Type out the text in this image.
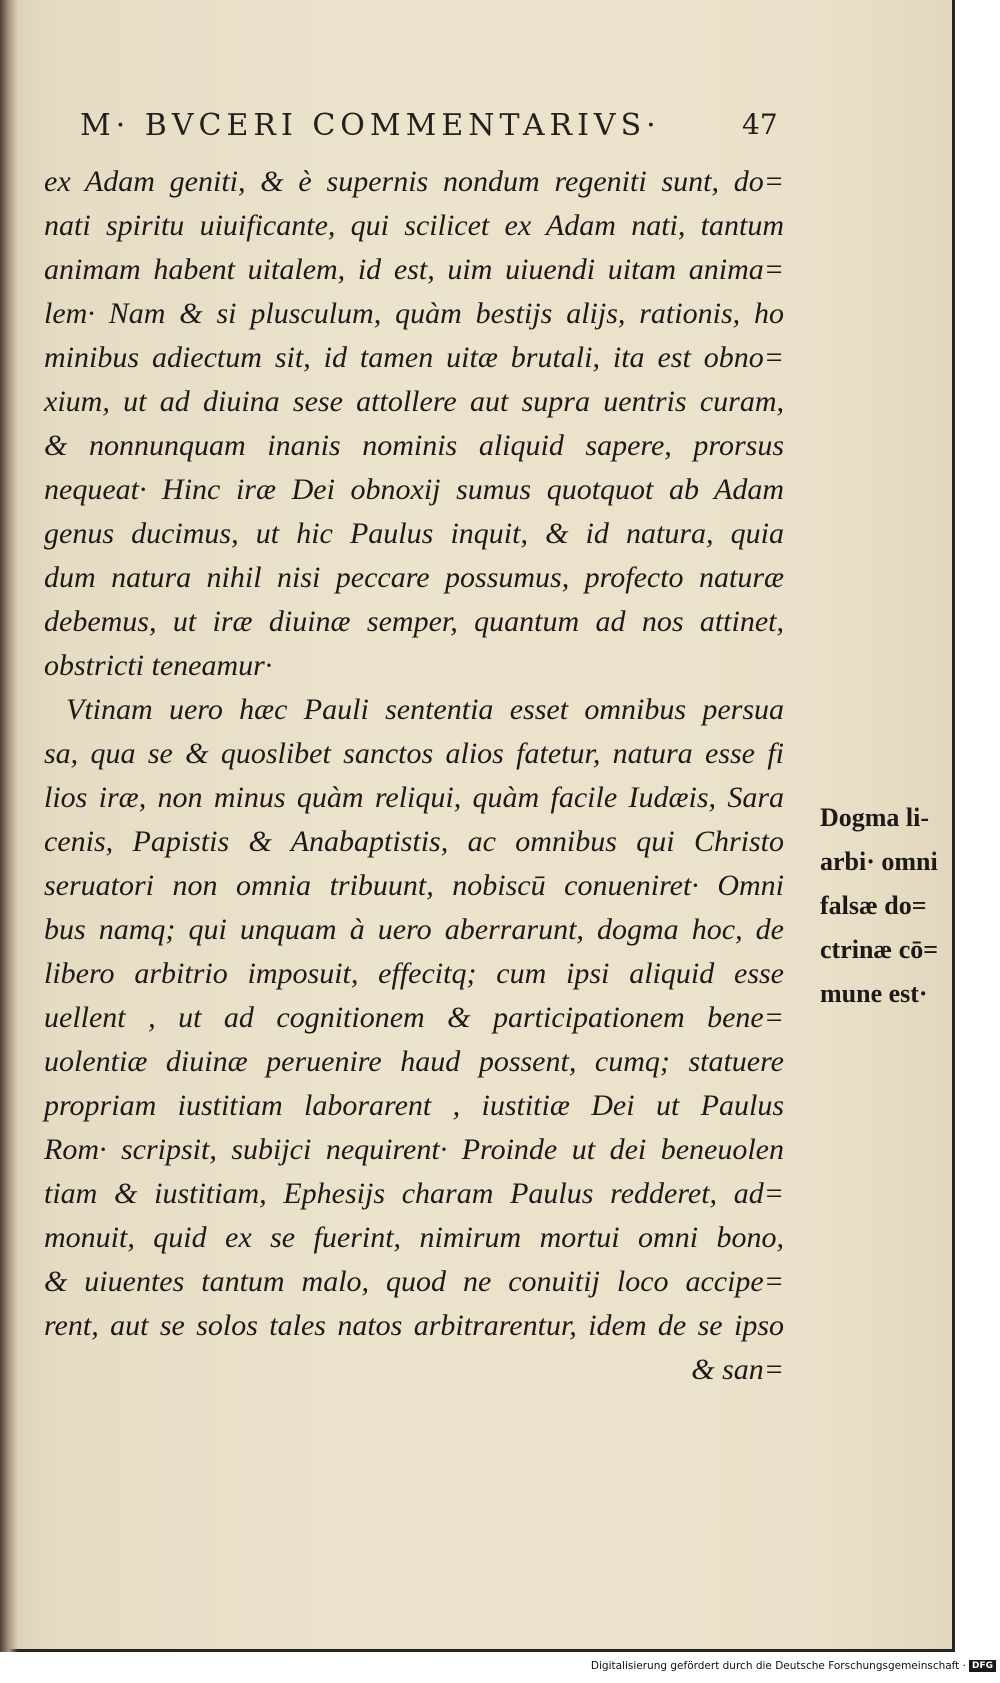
M· BVCERI COMMENTARIVS·	47
ex Adam geniti, & è supernis nondum regeniti sunt, do=
nati spiritu uiuificante, qui scilicet ex Adam nati, tantum
animam habent uitalem, id est, uim uiuendi uitam anima=
lem· Nam & si plusculum, quàm bestijs alijs, rationis, ho
minibus adiectum sit, id tamen uitæ brutali, ita est obno=
xium, ut ad diuina sese attollere aut supra uentris curam,
& nonnunquam inanis nominis aliquid sapere, prorsus
nequeat· Hinc iræ Dei obnoxij sumus quotquot ab Adam
genus ducimus, ut hic Paulus inquit, & id natura, quia
dum natura nihil nisi peccare possumus, profecto naturæ
debemus, ut iræ diuinæ semper, quantum ad nos attinet,
obstricti teneamur·
Vtinam uero hæc Pauli sententia esset omnibus persua
sa, qua se & quoslibet sanctos alios fatetur, natura esse fi
lios iræ, non minus quàm reliqui, quàm facile Iudæis, Sara
cenis, Papistis & Anabaptistis, ac omnibus qui Christo
seruatori non omnia tribuunt, nobiscū conueniret· Omni
bus namq; qui unquam à uero aberrarunt, dogma hoc, de
libero arbitrio imposuit, effecitq; cum ipsi aliquid esse
uellent , ut ad cognitionem & participationem bene=
uolentiæ diuinæ peruenire haud possent, cumq; statuere
propriam iustitiam laborarent , iustitiæ Dei ut Paulus
Rom· scripsit, subijci nequirent· Proinde ut dei beneuolen
tiam & iustitiam, Ephesijs charam Paulus redderet, ad=
monuit, quid ex se fuerint, nimirum mortui omni bono,
& uiuentes tantum malo, quod ne conuitij loco accipe=
rent, aut se solos tales natos arbitrarentur, idem de se ipso
& san=
Dogma li-
arbi· omni
falsæ do=
ctrinæ cō=
mune est·
Digitalisierung gefördert durch die Deutsche Forschungsgemeinschaft · DFG
